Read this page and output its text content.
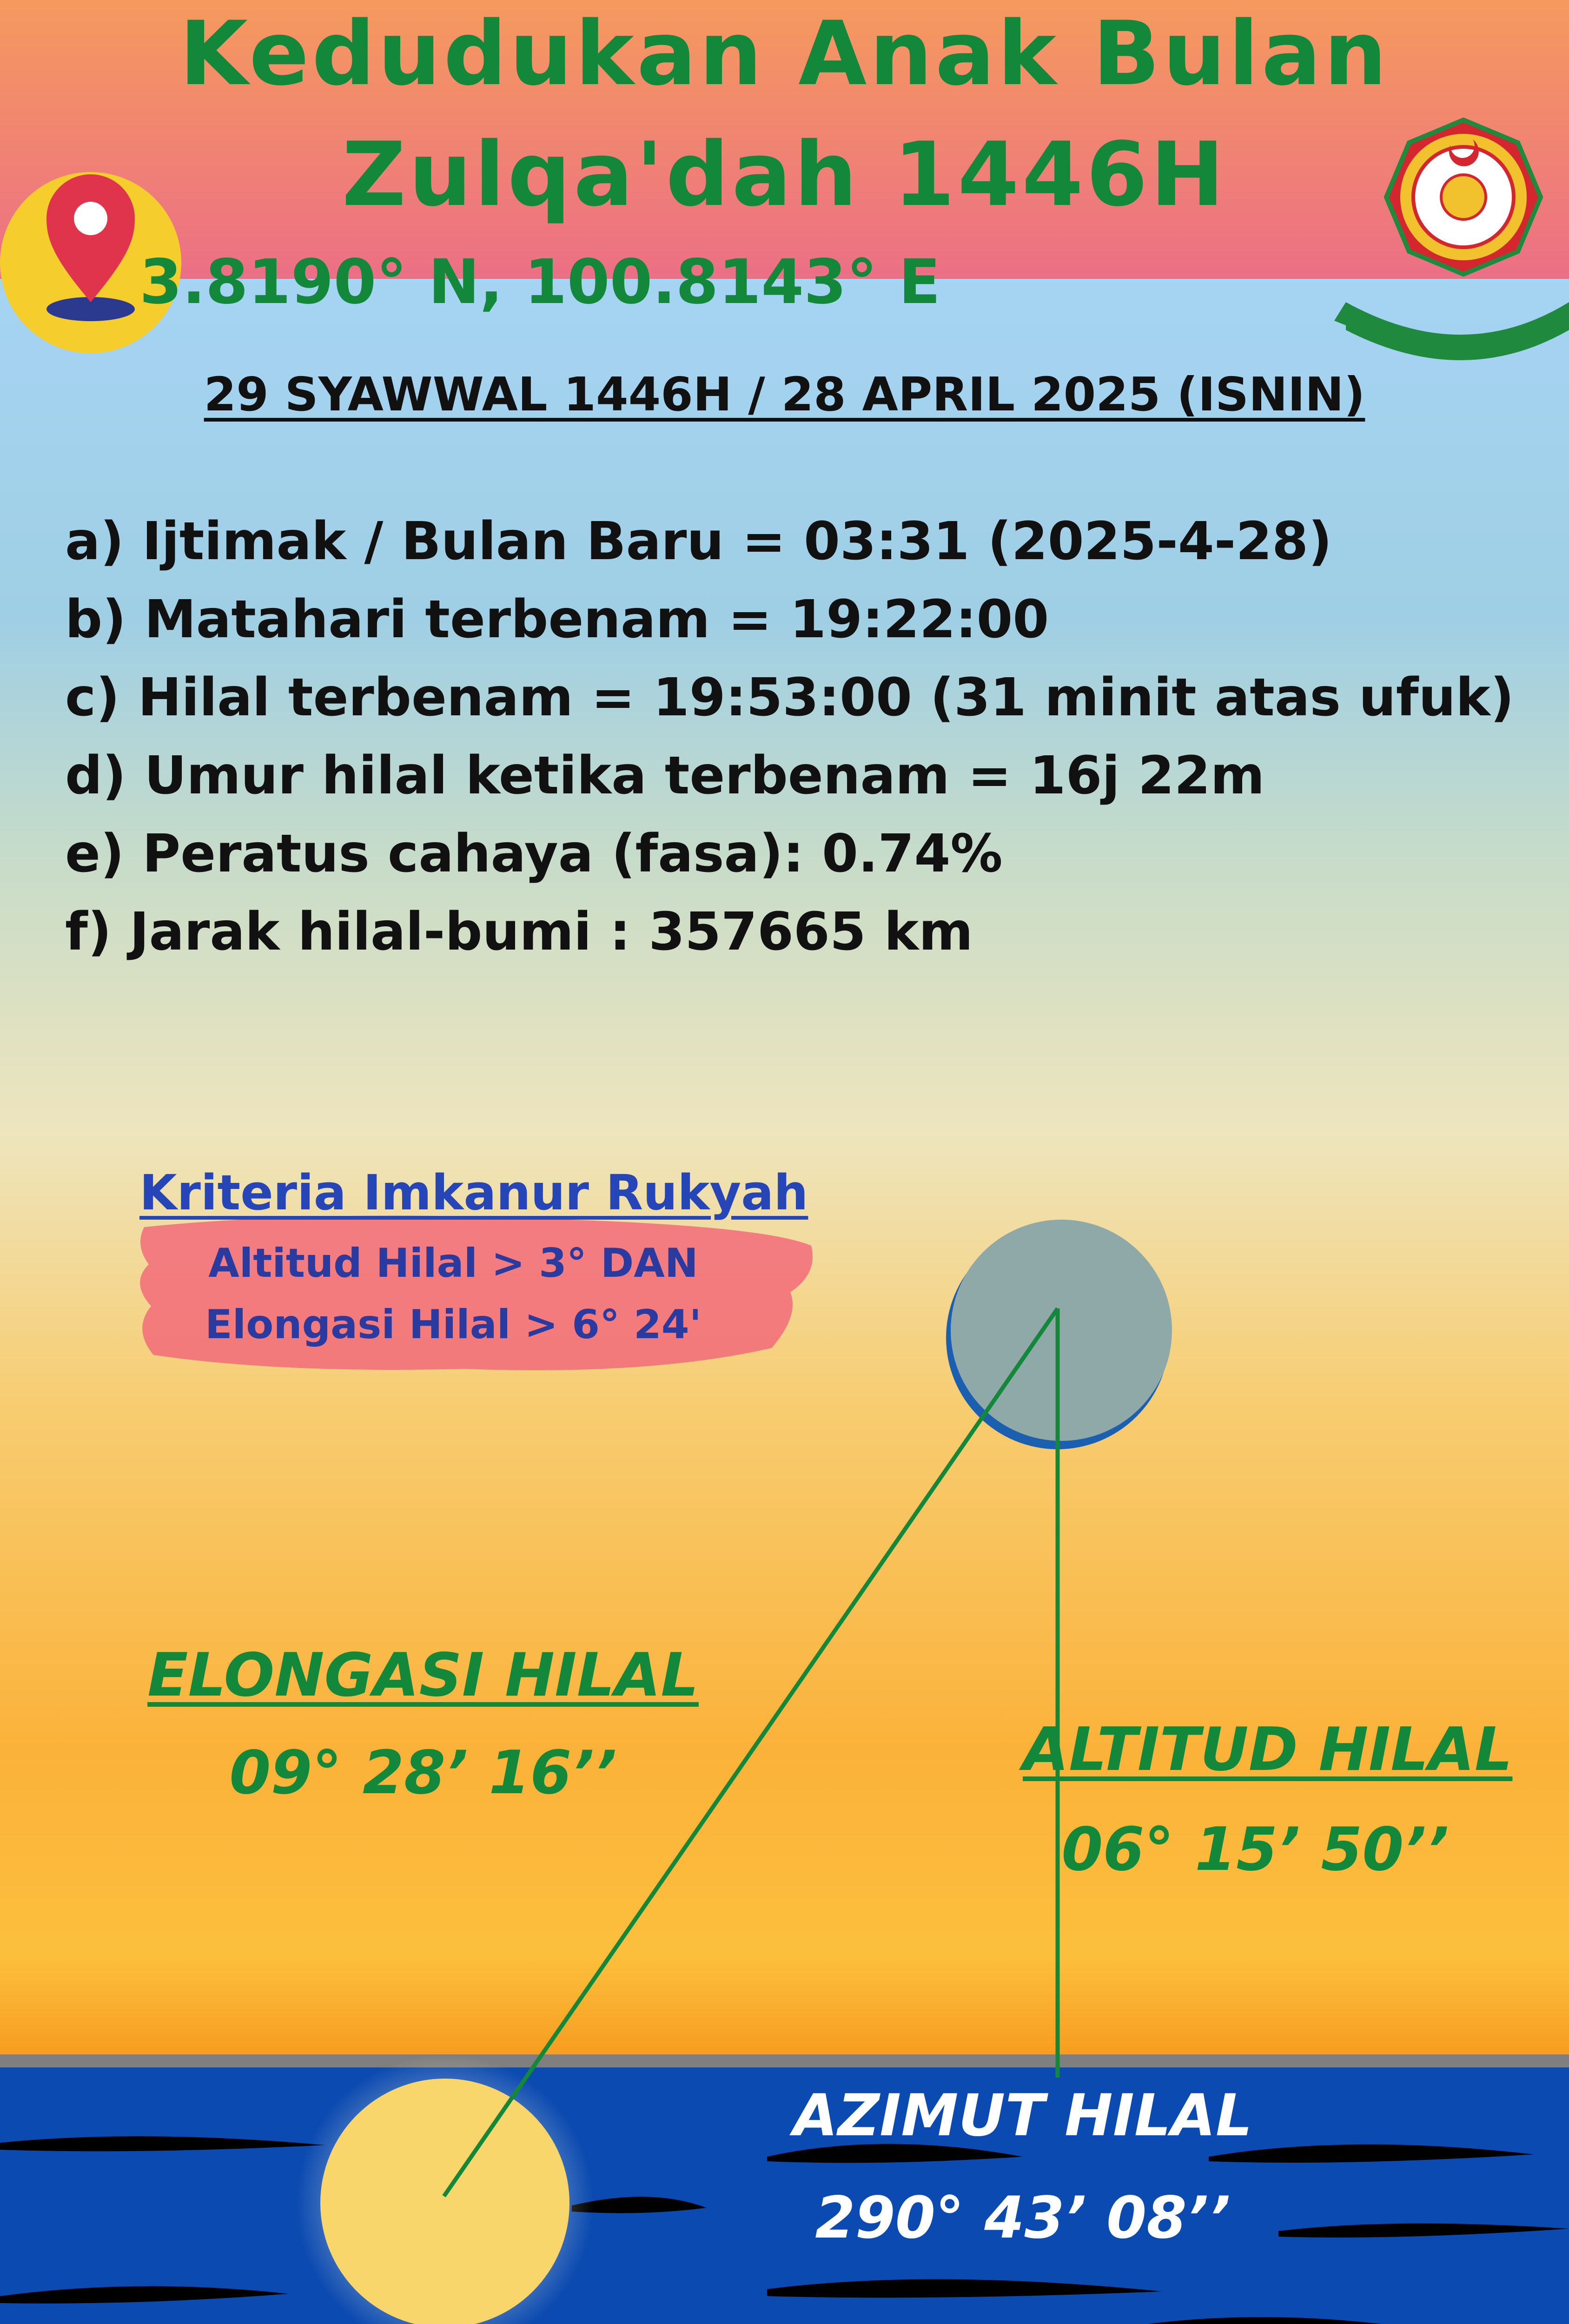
Kedudukan Anak Bulan
Zulqa'dah 1446H
3.8190° N, 100.8143° E
29 SYAWWAL 1446H / 28 APRIL 2025 (ISNIN)
a) Ijtimak / Bulan Baru = 03:31 (2025-4-28)
b) Matahari terbenam = 19:22:00
c) Hilal terbenam = 19:53:00 (31 minit atas ufuk)
d) Umur hilal ketika terbenam = 16j 22m
e) Peratus cahaya (fasa): 0.74%
f) Jarak hilal-bumi : 357665 km
Kriteria Imkanur Rukyah
Altitud Hilal > 3° DAN
Elongasi Hilal > 6° 24'
ELONGASI HILAL
09° 28’ 16’’	ALTITUD HILAL
06° 15’ 50’’
AZIMUT HILAL
290° 43’ 08’’
